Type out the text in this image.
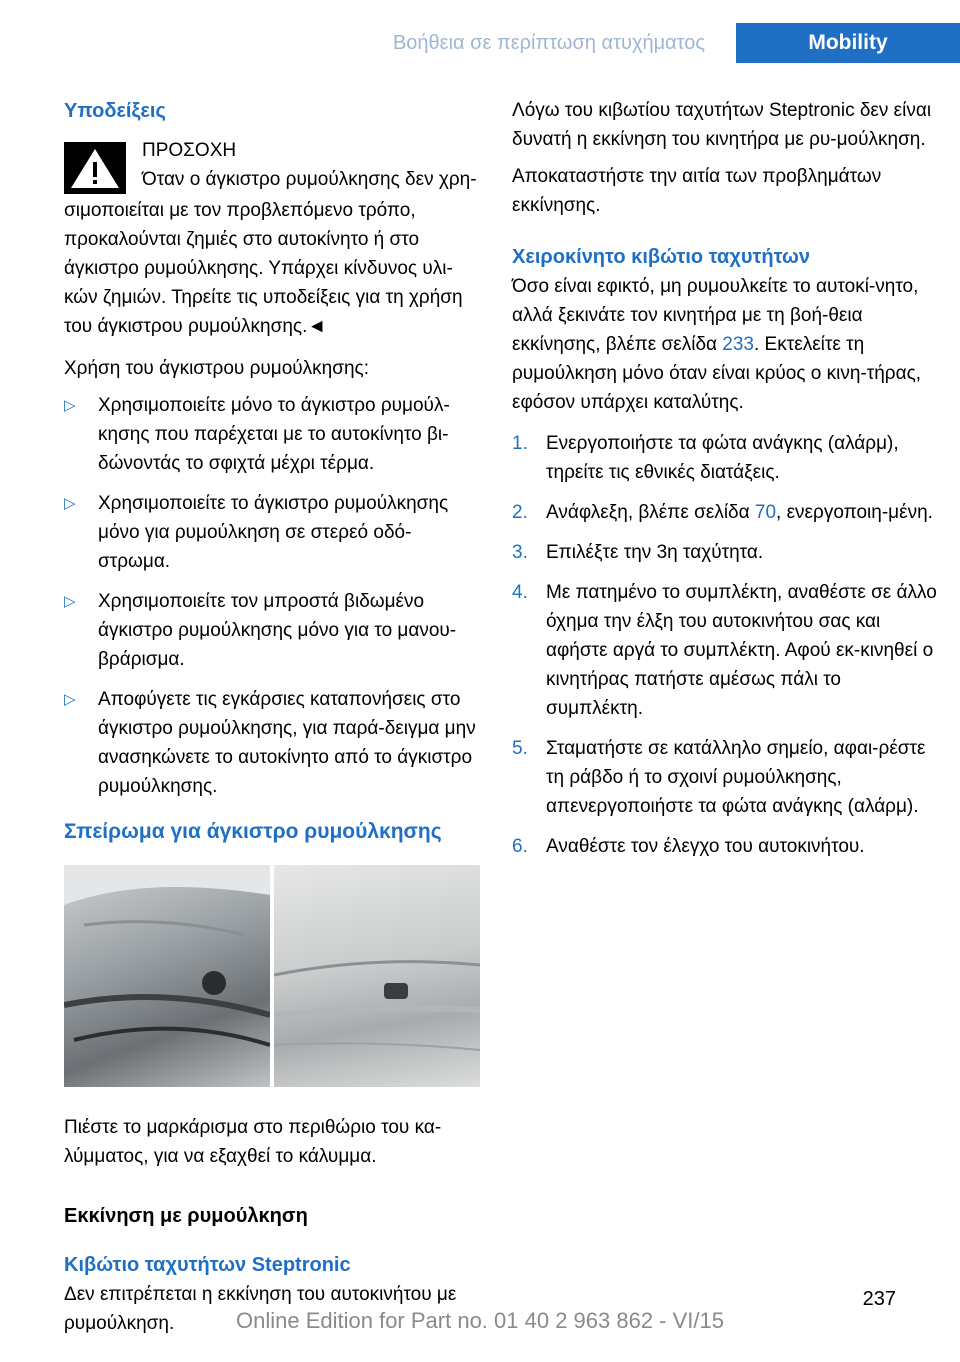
Βοήθεια σε περίπτωση ατυχήματος	Mobility
Υποδείξεις

ΠΡΟΣΟΧΗ

Όταν ο άγκιστρο ρυμούλκησης δεν χρη‐

σιμοποιείται με τον προβλεπόμενο τρόπο, προκαλούνται ζημιές στο αυτοκίνητο ή στο άγκιστρο ρυμούλκησης. Υπάρχει κίνδυνος υλι‐κών ζημιών. Τηρείτε τις υποδείξεις για τη χρήση του άγκιστρου ρυμούλκησης.◄

Χρήση του άγκιστρου ρυμούλκησης:

▷ Χρησιμοποιείτε μόνο το άγκιστρο ρυμούλ‐κησης που παρέχεται με το αυτοκίνητο βι‐δώνοντάς το σφιχτά μέχρι τέρμα.
▷ Χρησιμοποιείτε το άγκιστρο ρυμούλκησης μόνο για ρυμούλκηση σε στερεό οδό‐στρωμα.
▷ Χρησιμοποιείτε τον μπροστά βιδωμένο άγκιστρο ρυμούλκησης μόνο για το μανου‐βράρισμα.
▷ Αποφύγετε τις εγκάρσιες καταπονήσεις στο άγκιστρο ρυμούλκησης, για παρά‐δειγμα μην ανασηκώνετε το αυτοκίνητο από το άγκιστρο ρυμούλκησης.
Σπείρωμα για άγκιστρο ρυμούλκησης

Πιέστε το μαρκάρισμα στο περιθώριο του κα‐λύμματος, για να εξαχθεί το κάλυμμα.

Εκκίνηση με ρυμούλκηση
Κιβώτιο ταχυτήτων Steptronic

Δεν επιτρέπεται η εκκίνηση του αυτοκινήτου με ρυμούλκηση.

Λόγω του κιβωτίου ταχυτήτων Steptronic δεν είναι δυνατή η εκκίνηση του κινητήρα με ρυ‐μούλκηση.

Αποκαταστήστε την αιτία των προβλημάτων εκκίνησης.

Χειροκίνητο κιβώτιο ταχυτήτων

Όσο είναι εφικτό, μη ρυμουλκείτε το αυτοκί‐νητο, αλλά ξεκινάτε τον κινητήρα με τη βοή‐θεια εκκίνησης, βλέπε σελίδα 233. Εκτελείτε τη ρυμούλκηση μόνο όταν είναι κρύος ο κινη‐τήρας, εφόσον υπάρχει καταλύτης.

1. Ενεργοποιήστε τα φώτα ανάγκης (αλάρμ), τηρείτε τις εθνικές διατάξεις.
2. Ανάφλεξη, βλέπε σελίδα 70, ενεργοποιη‐μένη.
3. Επιλέξτε την 3η ταχύτητα.
4. Με πατημένο το συμπλέκτη, αναθέστε σε άλλο όχημα την έλξη του αυτοκινήτου σας και αφήστε αργά το συμπλέκτη. Αφού εκ‐κινηθεί ο κινητήρας πατήστε αμέσως πάλι το συμπλέκτη.
5. Σταματήστε σε κατάλληλο σημείο, αφαι‐ρέστε τη ράβδο ή το σχοινί ρυμούλκησης, απενεργοποιήστε τα φώτα ανάγκης (αλάρμ).
6. Αναθέστε τον έλεγχο του αυτοκινήτου.
237
Online Edition for Part no. 01 40 2 963 862 - VI/15
